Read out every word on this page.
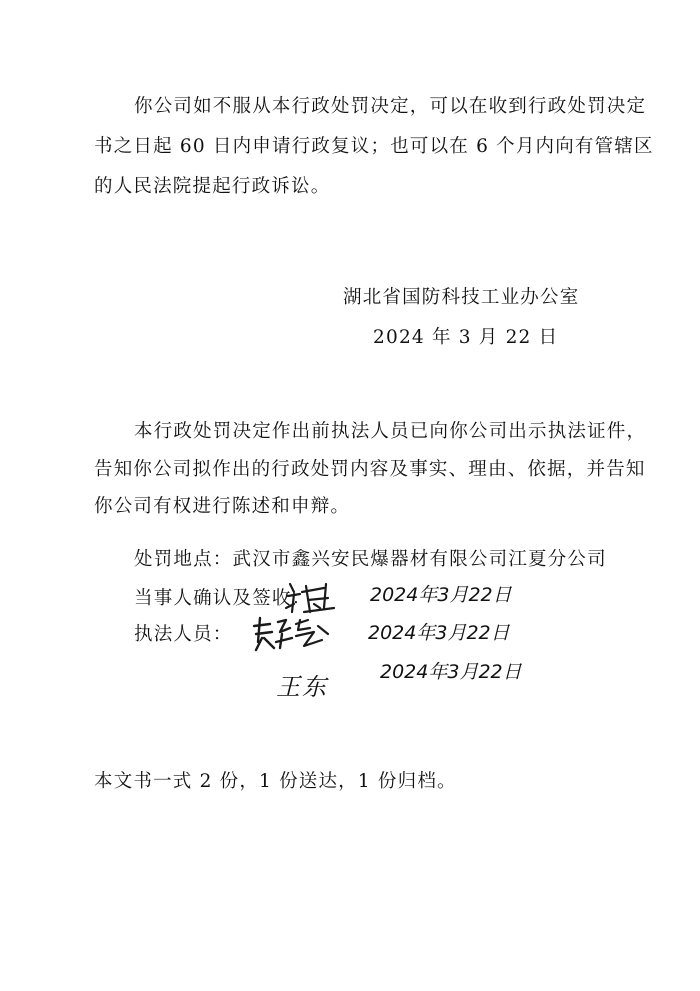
你公司如不服从本行政处罚决定，可以在收到行政处罚决定
书之日起 60 日内申请行政复议；也可以在 6 个月内向有管辖区
的人民法院提起行政诉讼。
湖北省国防科技工业办公室
2024 年 3 月 22 日
本行政处罚决定作出前执法人员已向你公司出示执法证件，
告知你公司拟作出的行政处罚内容及事实、理由、依据，并告知
你公司有权进行陈述和申辩。
处罚地点：武汉市鑫兴安民爆器材有限公司江夏分公司
当事人确认及签收：
执法人员：
2024年3月22日
2024年3月22日
王东
2024年3月22日
本文书一式 2 份，1 份送达，1 份归档。
